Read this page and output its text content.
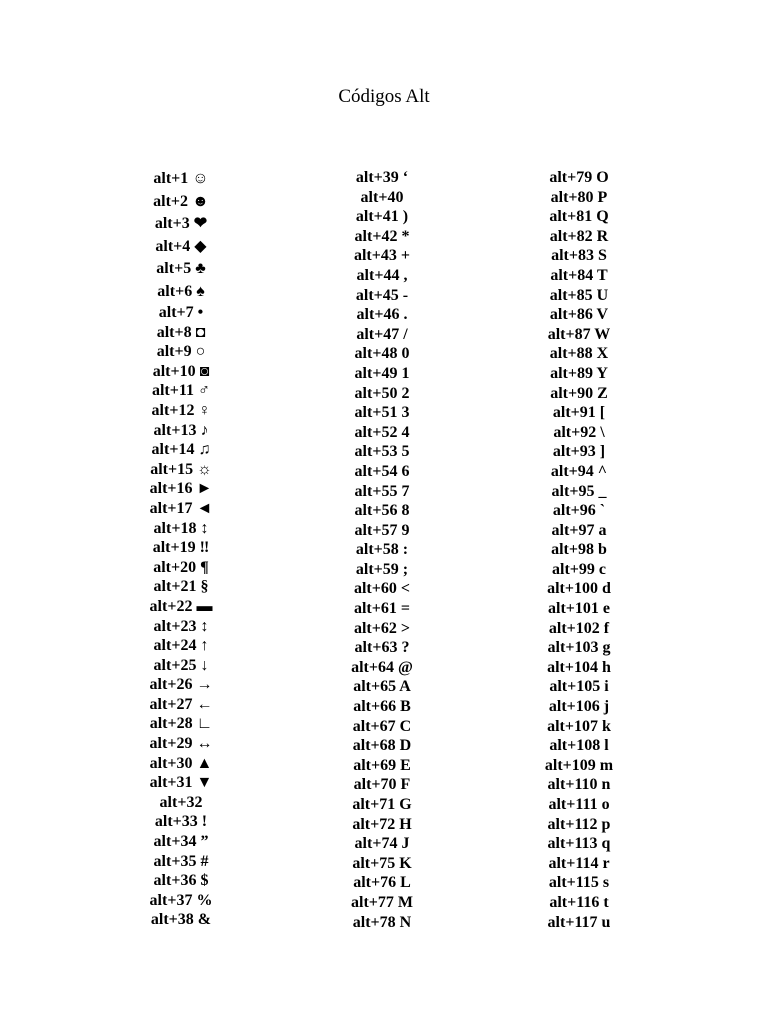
Códigos Alt
alt+1 ☺
alt+2 ☻
alt+3 ❤
alt+4 ◆
alt+5 ♣
alt+6 ♠
alt+7 •
alt+8 ◘
alt+9 ○
alt+10 ◙
alt+11 ♂
alt+12 ♀
alt+13 ♪
alt+14 ♫
alt+15 ☼
alt+16 ►
alt+17 ◄
alt+18 ↕
alt+19 ‼
alt+20 ¶
alt+21 §
alt+22 ▬
alt+23 ↕
alt+24 ↑
alt+25 ↓
alt+26 →
alt+27 ←
alt+28 ∟
alt+29 ↔
alt+30 ▲
alt+31 ▼
alt+32
alt+33 !
alt+34 ”
alt+35 #
alt+36 $
alt+37 %
alt+38 &
alt+39 ‘
alt+40
alt+41 )
alt+42 *
alt+43 +
alt+44 ,
alt+45 -
alt+46 .
alt+47 /
alt+48 0
alt+49 1
alt+50 2
alt+51 3
alt+52 4
alt+53 5
alt+54 6
alt+55 7
alt+56 8
alt+57 9
alt+58 :
alt+59 ;
alt+60 <
alt+61 =
alt+62 >
alt+63 ?
alt+64 @
alt+65 A
alt+66 B
alt+67 C
alt+68 D
alt+69 E
alt+70 F
alt+71 G
alt+72 H
alt+74 J
alt+75 K
alt+76 L
alt+77 M
alt+78 N
alt+79 O
alt+80 P
alt+81 Q
alt+82 R
alt+83 S
alt+84 T
alt+85 U
alt+86 V
alt+87 W
alt+88 X
alt+89 Y
alt+90 Z
alt+91 [
alt+92 \
alt+93 ]
alt+94 ^
alt+95 _
alt+96 `
alt+97 a
alt+98 b
alt+99 c
alt+100 d
alt+101 e
alt+102 f
alt+103 g
alt+104 h
alt+105 i
alt+106 j
alt+107 k
alt+108 l
alt+109 m
alt+110 n
alt+111 o
alt+112 p
alt+113 q
alt+114 r
alt+115 s
alt+116 t
alt+117 u
